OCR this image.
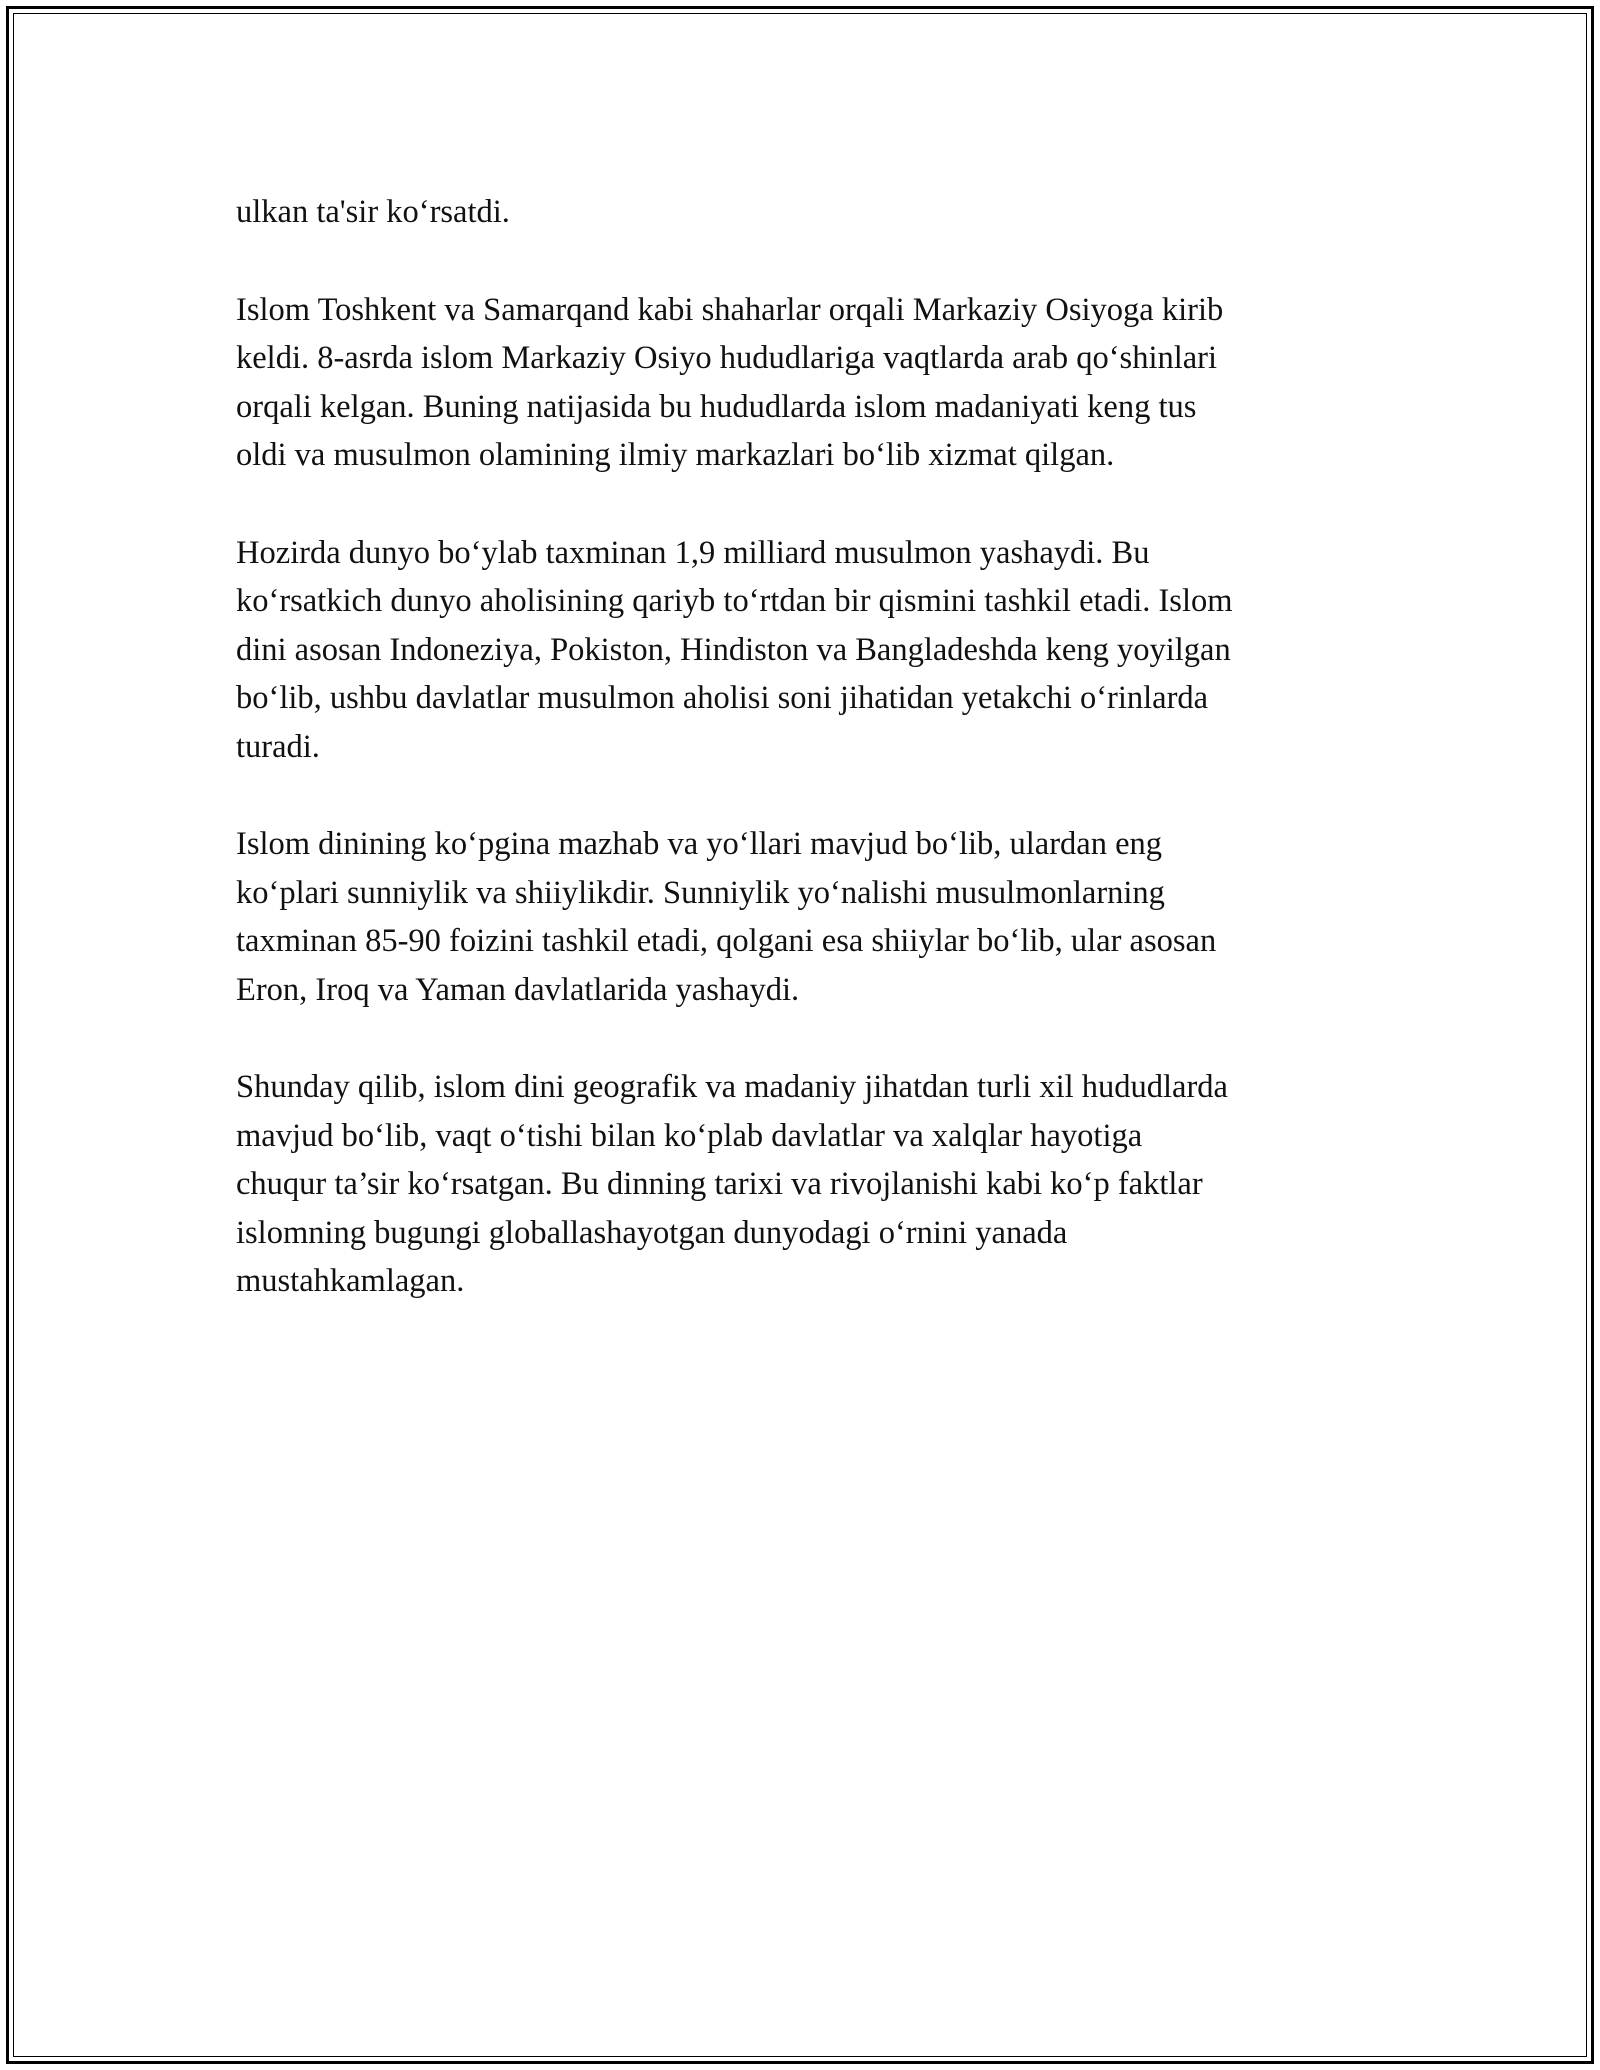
ulkan ta'sir ko‘rsatdi.

Islom Toshkent va Samarqand kabi shaharlar orqali Markaziy Osiyoga kirib
keldi. 8-asrda islom Markaziy Osiyo hududlariga vaqtlarda arab qo‘shinlari
orqali kelgan. Buning natijasida bu hududlarda islom madaniyati keng tus
oldi va musulmon olamining ilmiy markazlari bo‘lib xizmat qilgan.

Hozirda dunyo bo‘ylab taxminan 1,9 milliard musulmon yashaydi. Bu
ko‘rsatkich dunyo aholisining qariyb to‘rtdan bir qismini tashkil etadi. Islom
dini asosan Indoneziya, Pokiston, Hindiston va Bangladeshda keng yoyilgan
bo‘lib, ushbu davlatlar musulmon aholisi soni jihatidan yetakchi o‘rinlarda
turadi.

Islom dinining ko‘pgina mazhab va yo‘llari mavjud bo‘lib, ulardan eng
ko‘plari sunniylik va shiiylikdir. Sunniylik yo‘nalishi musulmonlarning
taxminan 85-90 foizini tashkil etadi, qolgani esa shiiylar bo‘lib, ular asosan
Eron, Iroq va Yaman davlatlarida yashaydi.

Shunday qilib, islom dini geografik va madaniy jihatdan turli xil hududlarda
mavjud bo‘lib, vaqt o‘tishi bilan ko‘plab davlatlar va xalqlar hayotiga
chuqur ta’sir ko‘rsatgan. Bu dinning tarixi va rivojlanishi kabi ko‘p faktlar
islomning bugungi globallashayotgan dunyodagi o‘rnini yanada
mustahkamlagan.
